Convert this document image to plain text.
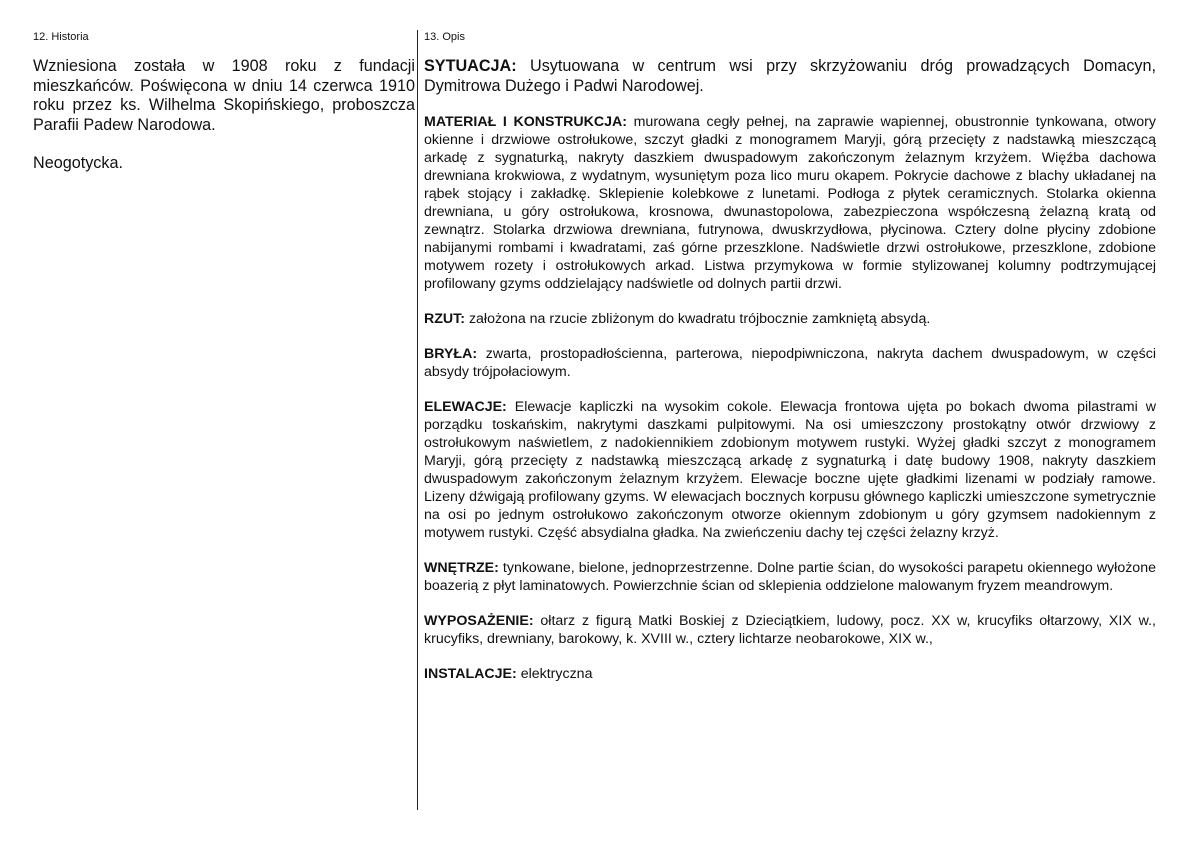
12. Historia

Wzniesiona została w 1908 roku z fundacji mieszkańców. Poświęcona w dniu 14 czerwca 1910 roku przez ks. Wilhelma Skopińskiego, proboszcza Parafii Padew Narodowa.

Neogotycka.

13. Opis

SYTUACJA: Usytuowana w centrum wsi przy skrzyżowaniu dróg prowadzących Domacyn, Dymitrowa Dużego i Padwi Narodowej.

MATERIAŁ I KONSTRUKCJA: murowana cegły pełnej, na zaprawie wapiennej, obustronnie tynkowana, otwory okienne i drzwiowe ostrołukowe, szczyt gładki z monogramem Maryji, górą przecięty z nadstawką mieszczącą arkadę z sygnaturką, nakryty daszkiem dwuspadowym zakończonym żelaznym krzyżem. Więźba dachowa drewniana krokwiowa, z wydatnym, wysuniętym poza lico muru okapem. Pokrycie dachowe z blachy układanej na rąbek stojący i zakładkę. Sklepienie kolebkowe z lunetami. Podłoga z płytek ceramicznych. Stolarka okienna drewniana, u góry ostrołukowa, krosnowa, dwunastopolowa, zabezpieczona współczesną żelazną kratą od zewnątrz. Stolarka drzwiowa drewniana, futrynowa, dwuskrzydłowa, płycinowa. Cztery dolne płyciny zdobione nabijanymi rombami i kwadratami, zaś górne przeszklone. Nadświetle drzwi ostrołukowe, przeszklone, zdobione motywem rozety i ostrołukowych arkad. Listwa przymykowa w formie stylizowanej kolumny podtrzymującej profilowany gzyms oddzielający nadświetle od dolnych partii drzwi.

RZUT: założona na rzucie zbliżonym do kwadratu trójbocznie zamkniętą absydą.

BRYŁA: zwarta, prostopadłościenna, parterowa, niepodpiwniczona, nakryta dachem dwuspadowym, w części absydy trójpołaciowym.

ELEWACJE: Elewacje kapliczki na wysokim cokole. Elewacja frontowa ujęta po bokach dwoma pilastrami w porządku toskańskim, nakrytymi daszkami pulpitowymi. Na osi umieszczony prostokątny otwór drzwiowy z ostrołukowym naświetlem, z nadokiennikiem zdobionym motywem rustyki. Wyżej gładki szczyt z monogramem Maryji, górą przecięty z nadstawką mieszczącą arkadę z sygnaturką i datę budowy 1908, nakryty daszkiem dwuspadowym zakończonym żelaznym krzyżem. Elewacje boczne ujęte gładkimi lizenami w podziały ramowe. Lizeny dźwigają profilowany gzyms. W elewacjach bocznych korpusu głównego kapliczki umieszczone symetrycznie na osi po jednym ostrołukowo zakończonym otworze okiennym zdobionym u góry gzymsem nadokiennym z motywem rustyki. Część absydialna gładka. Na zwieńczeniu dachy tej części żelazny krzyż.

WNĘTRZE: tynkowane, bielone, jednoprzestrzenne. Dolne partie ścian, do wysokości parapetu okiennego wyłożone boazerią z płyt laminatowych. Powierzchnie ścian od sklepienia oddzielone malowanym fryzem meandrowym.

WYPOSAŻENIE: ołtarz z figurą Matki Boskiej z Dzieciątkiem, ludowy, pocz. XX w, krucyfiks ołtarzowy, XIX w., krucyfiks, drewniany, barokowy, k. XVIII w., cztery lichtarze neobarokowe, XIX w.,

INSTALACJE: elektryczna
